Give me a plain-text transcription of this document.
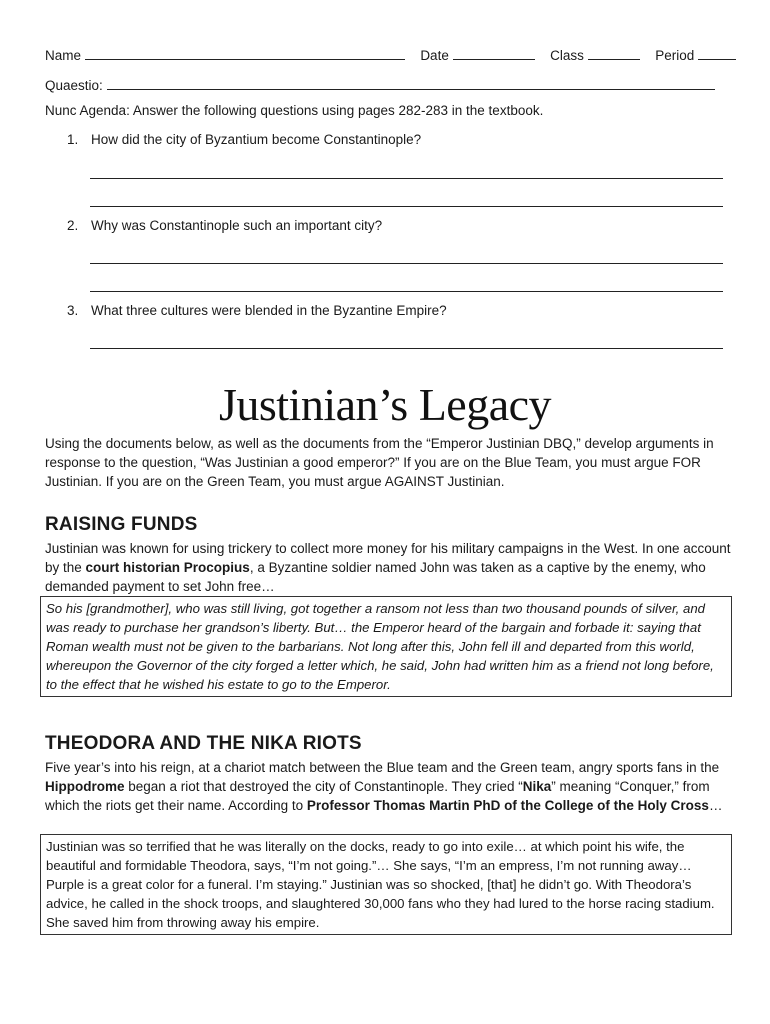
Name	Date	Class	Period
Quaestio:
Nunc Agenda: Answer the following questions using pages 282-283 in the textbook.
1. How did the city of Byzantium become Constantinople?
2. Why was Constantinople such an important city?
3. What three cultures were blended in the Byzantine Empire?
Justinian’s Legacy
Using the documents below, as well as the documents from the “Emperor Justinian DBQ,” develop arguments in response to the question, “Was Justinian a good emperor?” If you are on the Blue Team, you must argue FOR Justinian. If you are on the Green Team, you must argue AGAINST Justinian.
RAISING FUNDS
Justinian was known for using trickery to collect more money for his military campaigns in the West. In one account by the court historian Procopius, a Byzantine soldier named John was taken as a captive by the enemy, who demanded payment to set John free…
So his [grandmother], who was still living, got together a ransom not less than two thousand pounds of silver, and was ready to purchase her grandson’s liberty. But… the Emperor heard of the bargain and forbade it: saying that Roman wealth must not be given to the barbarians. Not long after this, John fell ill and departed from this world, whereupon the Governor of the city forged a letter which, he said, John had written him as a friend not long before, to the effect that he wished his estate to go to the Emperor.
THEODORA AND THE NIKA RIOTS
Five year’s into his reign, at a chariot match between the Blue team and the Green team, angry sports fans in the Hippodrome began a riot that destroyed the city of Constantinople. They cried “Nika” meaning “Conquer,” from which the riots get their name. According to Professor Thomas Martin PhD of the College of the Holy Cross…
Justinian was so terrified that he was literally on the docks, ready to go into exile… at which point his wife, the beautiful and formidable Theodora, says, “I’m not going.”… She says, “I’m an empress, I’m not running away… Purple is a great color for a funeral. I’m staying.” Justinian was so shocked, [that] he didn’t go. With Theodora’s advice, he called in the shock troops, and slaughtered 30,000 fans who they had lured to the horse racing stadium. She saved him from throwing away his empire.
